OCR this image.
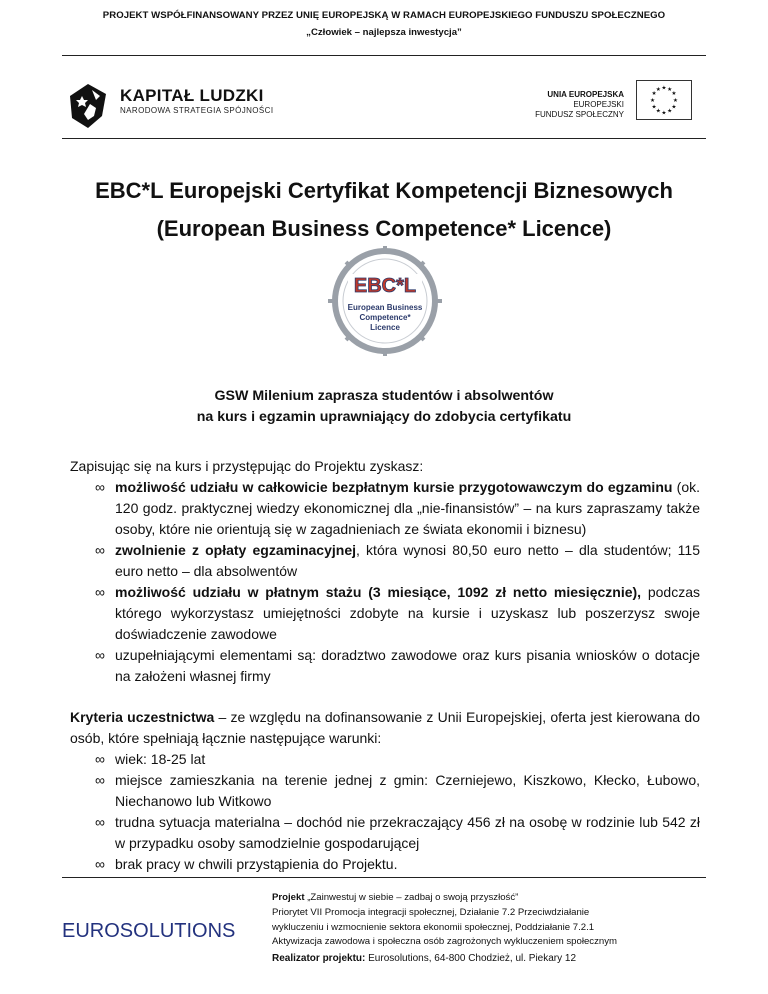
PROJEKT WSPÓŁFINANSOWANY PRZEZ UNIĘ EUROPEJSKĄ W RAMACH EUROPEJSKIEGO FUNDUSZU SPOŁECZNEGO
„Człowiek – najlepsza inwestycja”
KAPITAŁ LUDZKI
NARODOWA STRATEGIA SPÓJNOŚCI
UNIA EUROPEJSKA
EUROPEJSKI
FUNDUSZ SPOŁECZNY
★ ★
★
★
★
★
★
★
★
★
★
★
EBC*L Europejski Certyfikat Kompetencji Biznesowych
(European Business Competence* Licence)
EBC*L
European Business
Competence*
Licence
GSW Milenium zaprasza studentów i absolwentów
na kurs i egzamin uprawniający do zdobycia certyfikatu
Zapisując się na kurs i przystępując do Projektu zyskasz:
∞ możliwość udziału w całkowicie bezpłatnym kursie przygotowawczym do egzaminu (ok. 120 godz. praktycznej wiedzy ekonomicznej dla „nie-finansistów” – na kurs zapraszamy także osoby, które nie orientują się w zagadnieniach ze świata ekonomii i biznesu)
∞ zwolnienie z opłaty egzaminacyjnej, która wynosi 80,50 euro netto – dla studentów; 115 euro netto – dla absolwentów
∞ możliwość udziału w płatnym stażu (3 miesiące, 1092 zł netto miesięcznie), podczas którego wykorzystasz umiejętności zdobyte na kursie i uzyskasz lub poszerzysz swoje doświadczenie zawodowe
∞ uzupełniającymi elementami są: doradztwo zawodowe oraz kurs pisania wniosków o dotacje na założeni własnej firmy
Kryteria uczestnictwa – ze względu na dofinansowanie z Unii Europejskiej, oferta jest kierowana do osób, które spełniają łącznie następujące warunki:
∞ wiek: 18-25 lat
∞ miejsce zamieszkania na terenie jednej z gmin: Czerniejewo, Kiszkowo, Kłecko, Łubowo, Niechanowo lub Witkowo
∞ trudna sytuacja materialna – dochód nie przekraczający 456 zł na osobę w rodzinie lub 542 zł w przypadku osoby samodzielnie gospodarującej
∞ brak pracy w chwili przystąpienia do Projektu.
EUROSOLUTIONS
Projekt „Zainwestuj w siebie – zadbaj o swoją przyszłość”
Priorytet VII Promocja integracji społecznej, Działanie 7.2 Przeciwdziałanie
wykluczeniu i wzmocnienie sektora ekonomii społecznej, Poddziałanie 7.2.1
Aktywizacja zawodowa i społeczna osób zagrożonych wykluczeniem społecznym
Realizator projektu: Eurosolutions, 64-800 Chodzież, ul. Piekary 12
